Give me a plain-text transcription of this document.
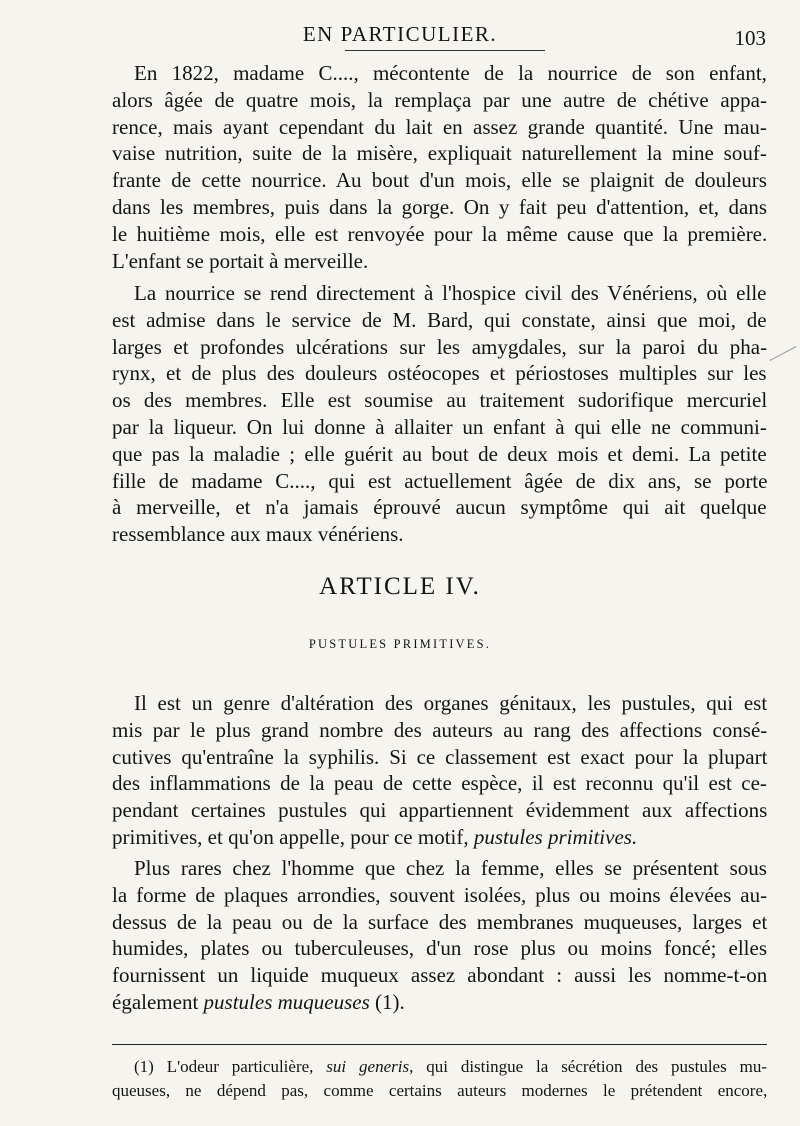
EN PARTICULIER.	103
En 1822, madame C...., mécontente de la nourrice de son enfant,
alors âgée de quatre mois, la remplaça par une autre de chétive appa-
rence, mais ayant cependant du lait en assez grande quantité. Une mau-
vaise nutrition, suite de la misère, expliquait naturellement la mine souf-
frante de cette nourrice. Au bout d'un mois, elle se plaignit de douleurs
dans les membres, puis dans la gorge. On y fait peu d'attention, et, dans
le huitième mois, elle est renvoyée pour la même cause que la première.
L'enfant se portait à merveille.
La nourrice se rend directement à l'hospice civil des Vénériens, où elle
est admise dans le service de M. Bard, qui constate, ainsi que moi, de
larges et profondes ulcérations sur les amygdales, sur la paroi du pha-
rynx, et de plus des douleurs ostéocopes et périostoses multiples sur les
os des membres. Elle est soumise au traitement sudorifique mercuriel
par la liqueur. On lui donne à allaiter un enfant à qui elle ne communi-
que pas la maladie ; elle guérit au bout de deux mois et demi. La petite
fille de madame C...., qui est actuellement âgée de dix ans, se porte
à merveille, et n'a jamais éprouvé aucun symptôme qui ait quelque
ressemblance aux maux vénériens.
ARTICLE IV.
PUSTULES PRIMITIVES.
Il est un genre d'altération des organes génitaux, les pustules, qui est
mis par le plus grand nombre des auteurs au rang des affections consé-
cutives qu'entraîne la syphilis. Si ce classement est exact pour la plupart
des inflammations de la peau de cette espèce, il est reconnu qu'il est ce-
pendant certaines pustules qui appartiennent évidemment aux affections
primitives, et qu'on appelle, pour ce motif, pustules primitives.
Plus rares chez l'homme que chez la femme, elles se présentent sous
la forme de plaques arrondies, souvent isolées, plus ou moins élevées au-
dessus de la peau ou de la surface des membranes muqueuses, larges et
humides, plates ou tuberculeuses, d'un rose plus ou moins foncé; elles
fournissent un liquide muqueux assez abondant : aussi les nomme-t-on
également pustules muqueuses (1).
(1) L'odeur particulière, sui generis, qui distingue la sécrétion des pustules mu-
queuses, ne dépend pas, comme certains auteurs modernes le prétendent encore,
